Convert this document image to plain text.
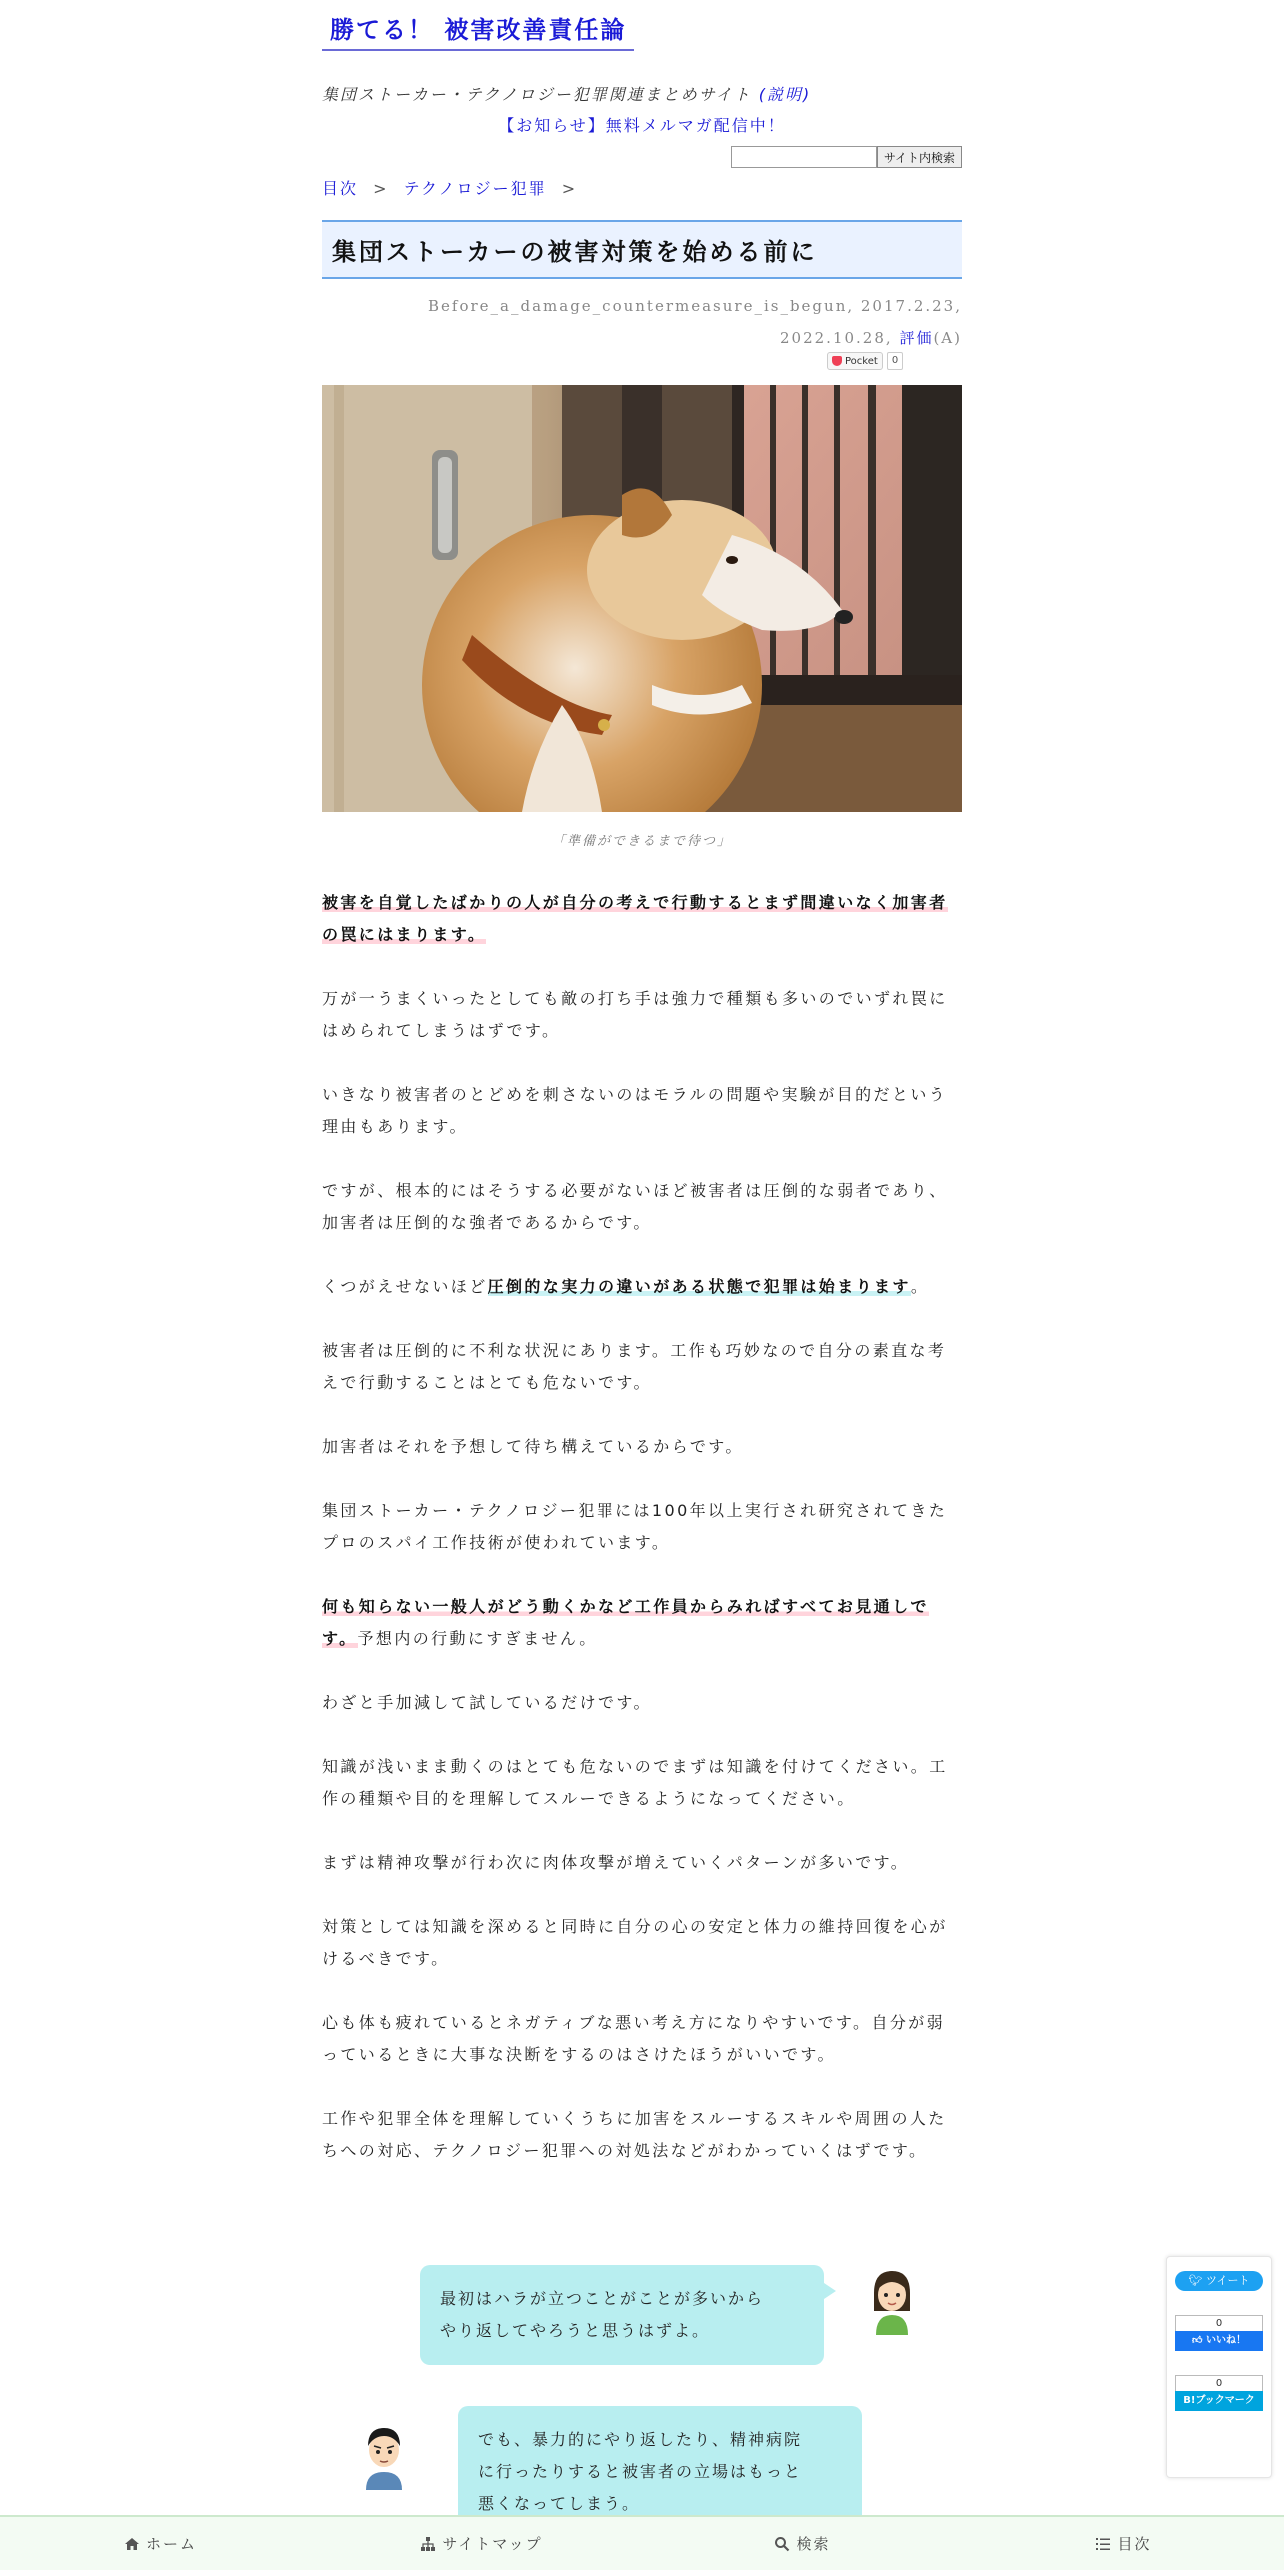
勝てる！ 被害改善責任論
集団ストーカー・テクノロジー犯罪関連まとめサイト (説明)
【お知らせ】無料メルマガ配信中！
サイト内検索
目次 > テクノロジー犯罪 >
集団ストーカーの被害対策を始める前に
Before_a_damage_countermeasure_is_begun, 2017.2.23,
2022.10.28, 評価(A)
Pocket	0
「準備ができるまで待つ」

被害を自覚したばかりの人が自分の考えで行動するとまず間違いなく加害者の罠にはまります。

万が一うまくいったとしても敵の打ち手は強力で種類も多いのでいずれ罠にはめられてしまうはずです。

いきなり被害者のとどめを刺さないのはモラルの問題や実験が目的だという理由もあります。

ですが、根本的にはそうする必要がないほど被害者は圧倒的な弱者であり、加害者は圧倒的な強者であるからです。

くつがえせないほど圧倒的な実力の違いがある状態で犯罪は始まります。

被害者は圧倒的に不利な状況にあります。工作も巧妙なので自分の素直な考えで行動することはとても危ないです。

加害者はそれを予想して待ち構えているからです。

集団ストーカー・テクノロジー犯罪には100年以上実行され研究されてきたプロのスパイ工作技術が使われています。

何も知らない一般人がどう動くかなど工作員からみればすべてお見通しです。予想内の行動にすぎません。

わざと手加減して試しているだけです。

知識が浅いまま動くのはとても危ないのでまずは知識を付けてください。工作の種類や目的を理解してスルーできるようになってください。

まずは精神攻撃が行わ次に肉体攻撃が増えていくパターンが多いです。

対策としては知識を深めると同時に自分の心の安定と体力の維持回復を心がけるべきです。

心も体も疲れているとネガティブな悪い考え方になりやすいです。自分が弱っているときに大事な決断をするのはさけたほうがいいです。

工作や犯罪全体を理解していくうちに加害をスルーするスキルや周囲の人たちへの対応、テクノロジー犯罪への対処法などがわかっていくはずです。

最初はハラが立つことがことが多いから
やり返してやろうと思うはずよ。
でも、暴力的にやり返したり、精神病院
に行ったりすると被害者の立場はもっと
悪くなってしまう。
🐦︎ ツイート
0
👍︎ いいね！
0
B!ブックマーク
ホーム	サイトマップ	検索	目次
